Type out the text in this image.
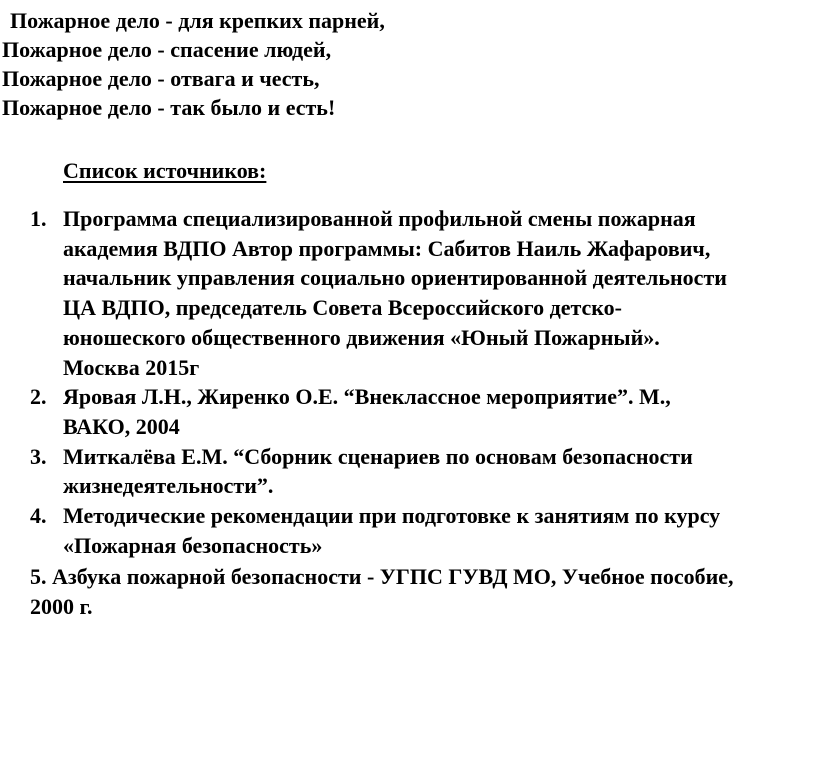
Пожарное дело - для крепких парней,
Пожарное дело - спасение людей,
Пожарное дело - отвага и честь,
Пожарное дело - так было и есть!
Список источников:
1. Программа специализированной профильной смены пожарная
академия ВДПО Автор программы: Сабитов Наиль Жафарович,
начальник управления социально ориентированной деятельности
ЦА ВДПО, председатель Совета Всероссийского детско-
юношеского общественного движения «Юный Пожарный».
Москва 2015г
2. Яровая Л.Н., Жиренко О.Е. “Внеклассное мероприятие”. М.,
ВАКО, 2004
3. Миткалёва Е.М. “Сборник сценариев по основам безопасности
жизнедеятельности”.
4. Методические рекомендации при подготовке к занятиям по курсу
«Пожарная безопасность»
5. Азбука пожарной безопасности - УГПС ГУВД МО, Учебное пособие,
2000 г.
